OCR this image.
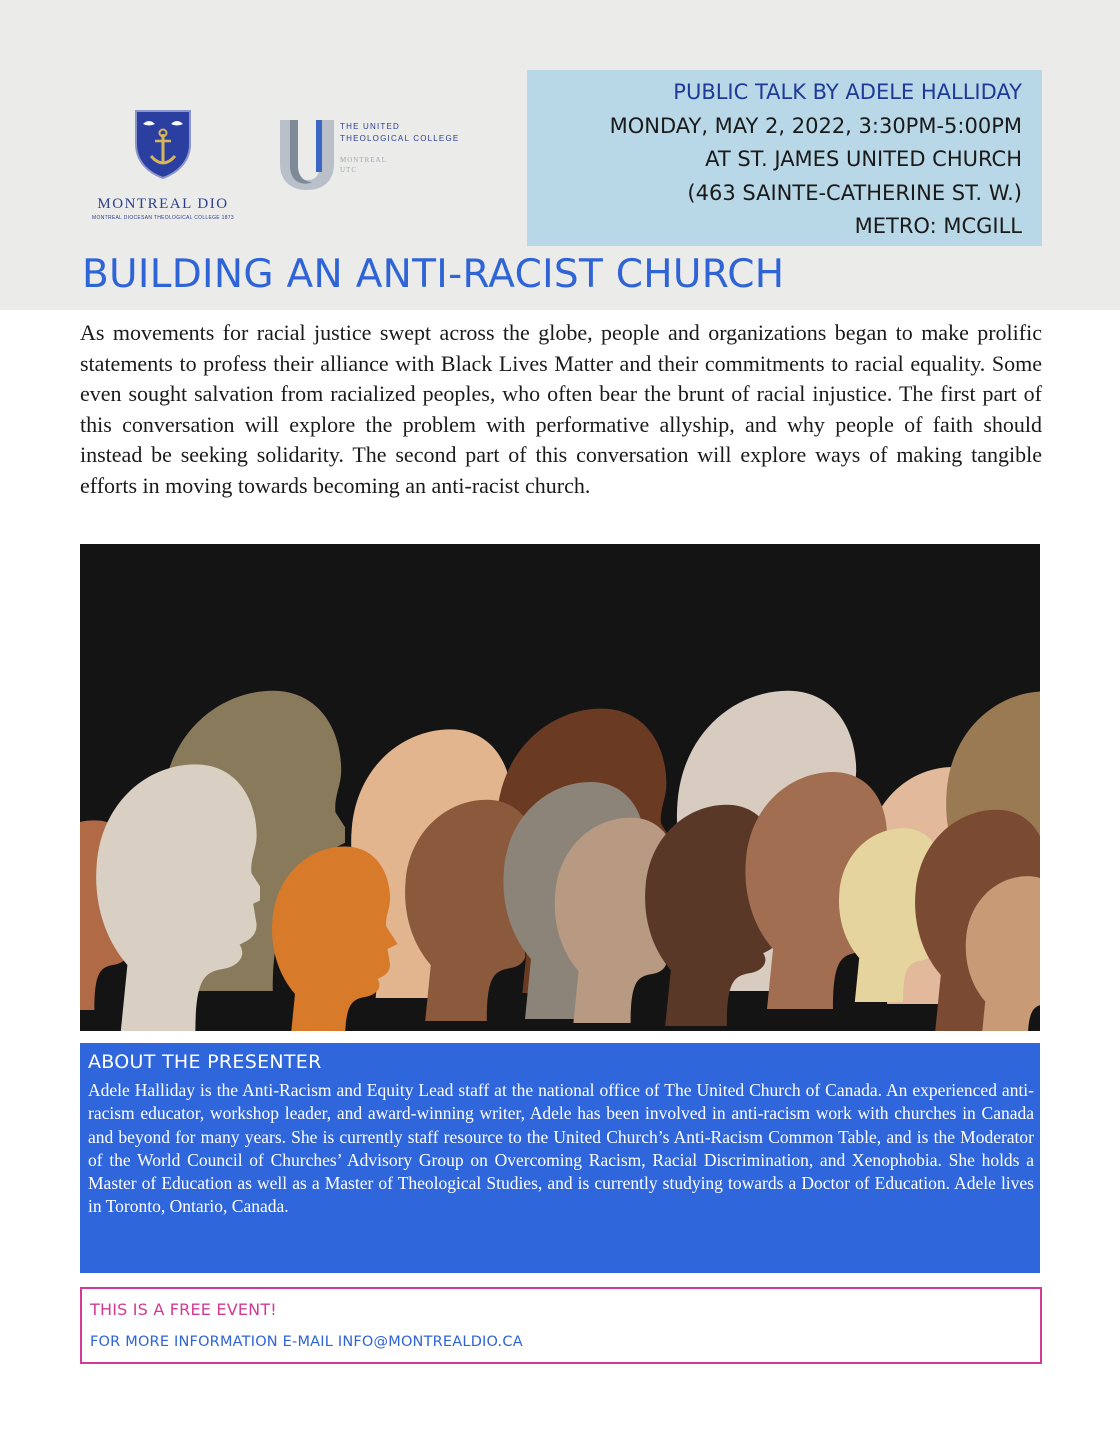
MONTREAL DIO
MONTREAL DIOCESAN THEOLOGICAL COLLEGE 1873
THE UNITED
THEOLOGICAL COLLEGE
MONTREAL
UTC
PUBLIC TALK BY ADELE HALLIDAY
MONDAY, MAY 2, 2022, 3:30PM-5:00PM
AT ST. JAMES UNITED CHURCH
(463 SAINTE-CATHERINE ST. W.)
METRO: MCGILL
BUILDING AN ANTI-RACIST CHURCH

As movements for racial justice swept across the globe, people and organizations began to make prolific statements to profess their alliance with Black Lives Matter and their commitments to racial equality. Some even sought salvation from racialized peoples, who often bear the brunt of racial injustice. The first part of this conversation will explore the problem with performative allyship, and why people of faith should instead be seeking solidarity. The second part of this conversation will explore ways of making tangible efforts in moving towards becoming an anti-racist church.

ABOUT THE PRESENTER

Adele Halliday is the Anti-Racism and Equity Lead staff at the national office of The United Church of Canada. An experienced anti-racism educator, workshop leader, and award-winning writer, Adele has been involved in anti-racism work with churches in Canada and beyond for many years. She is currently staff resource to the United Church’s Anti-Racism Common Table, and is the Moderator of the World Council of Churches’ Advisory Group on Overcoming Racism, Racial Discrimination, and Xenophobia. She holds a Master of Education as well as a Master of Theological Studies, and is currently studying towards a Doctor of Education. Adele lives in Toronto, Ontario, Canada.

THIS IS A FREE EVENT!
FOR MORE INFORMATION E-MAIL INFO@MONTREALDIO.CA
